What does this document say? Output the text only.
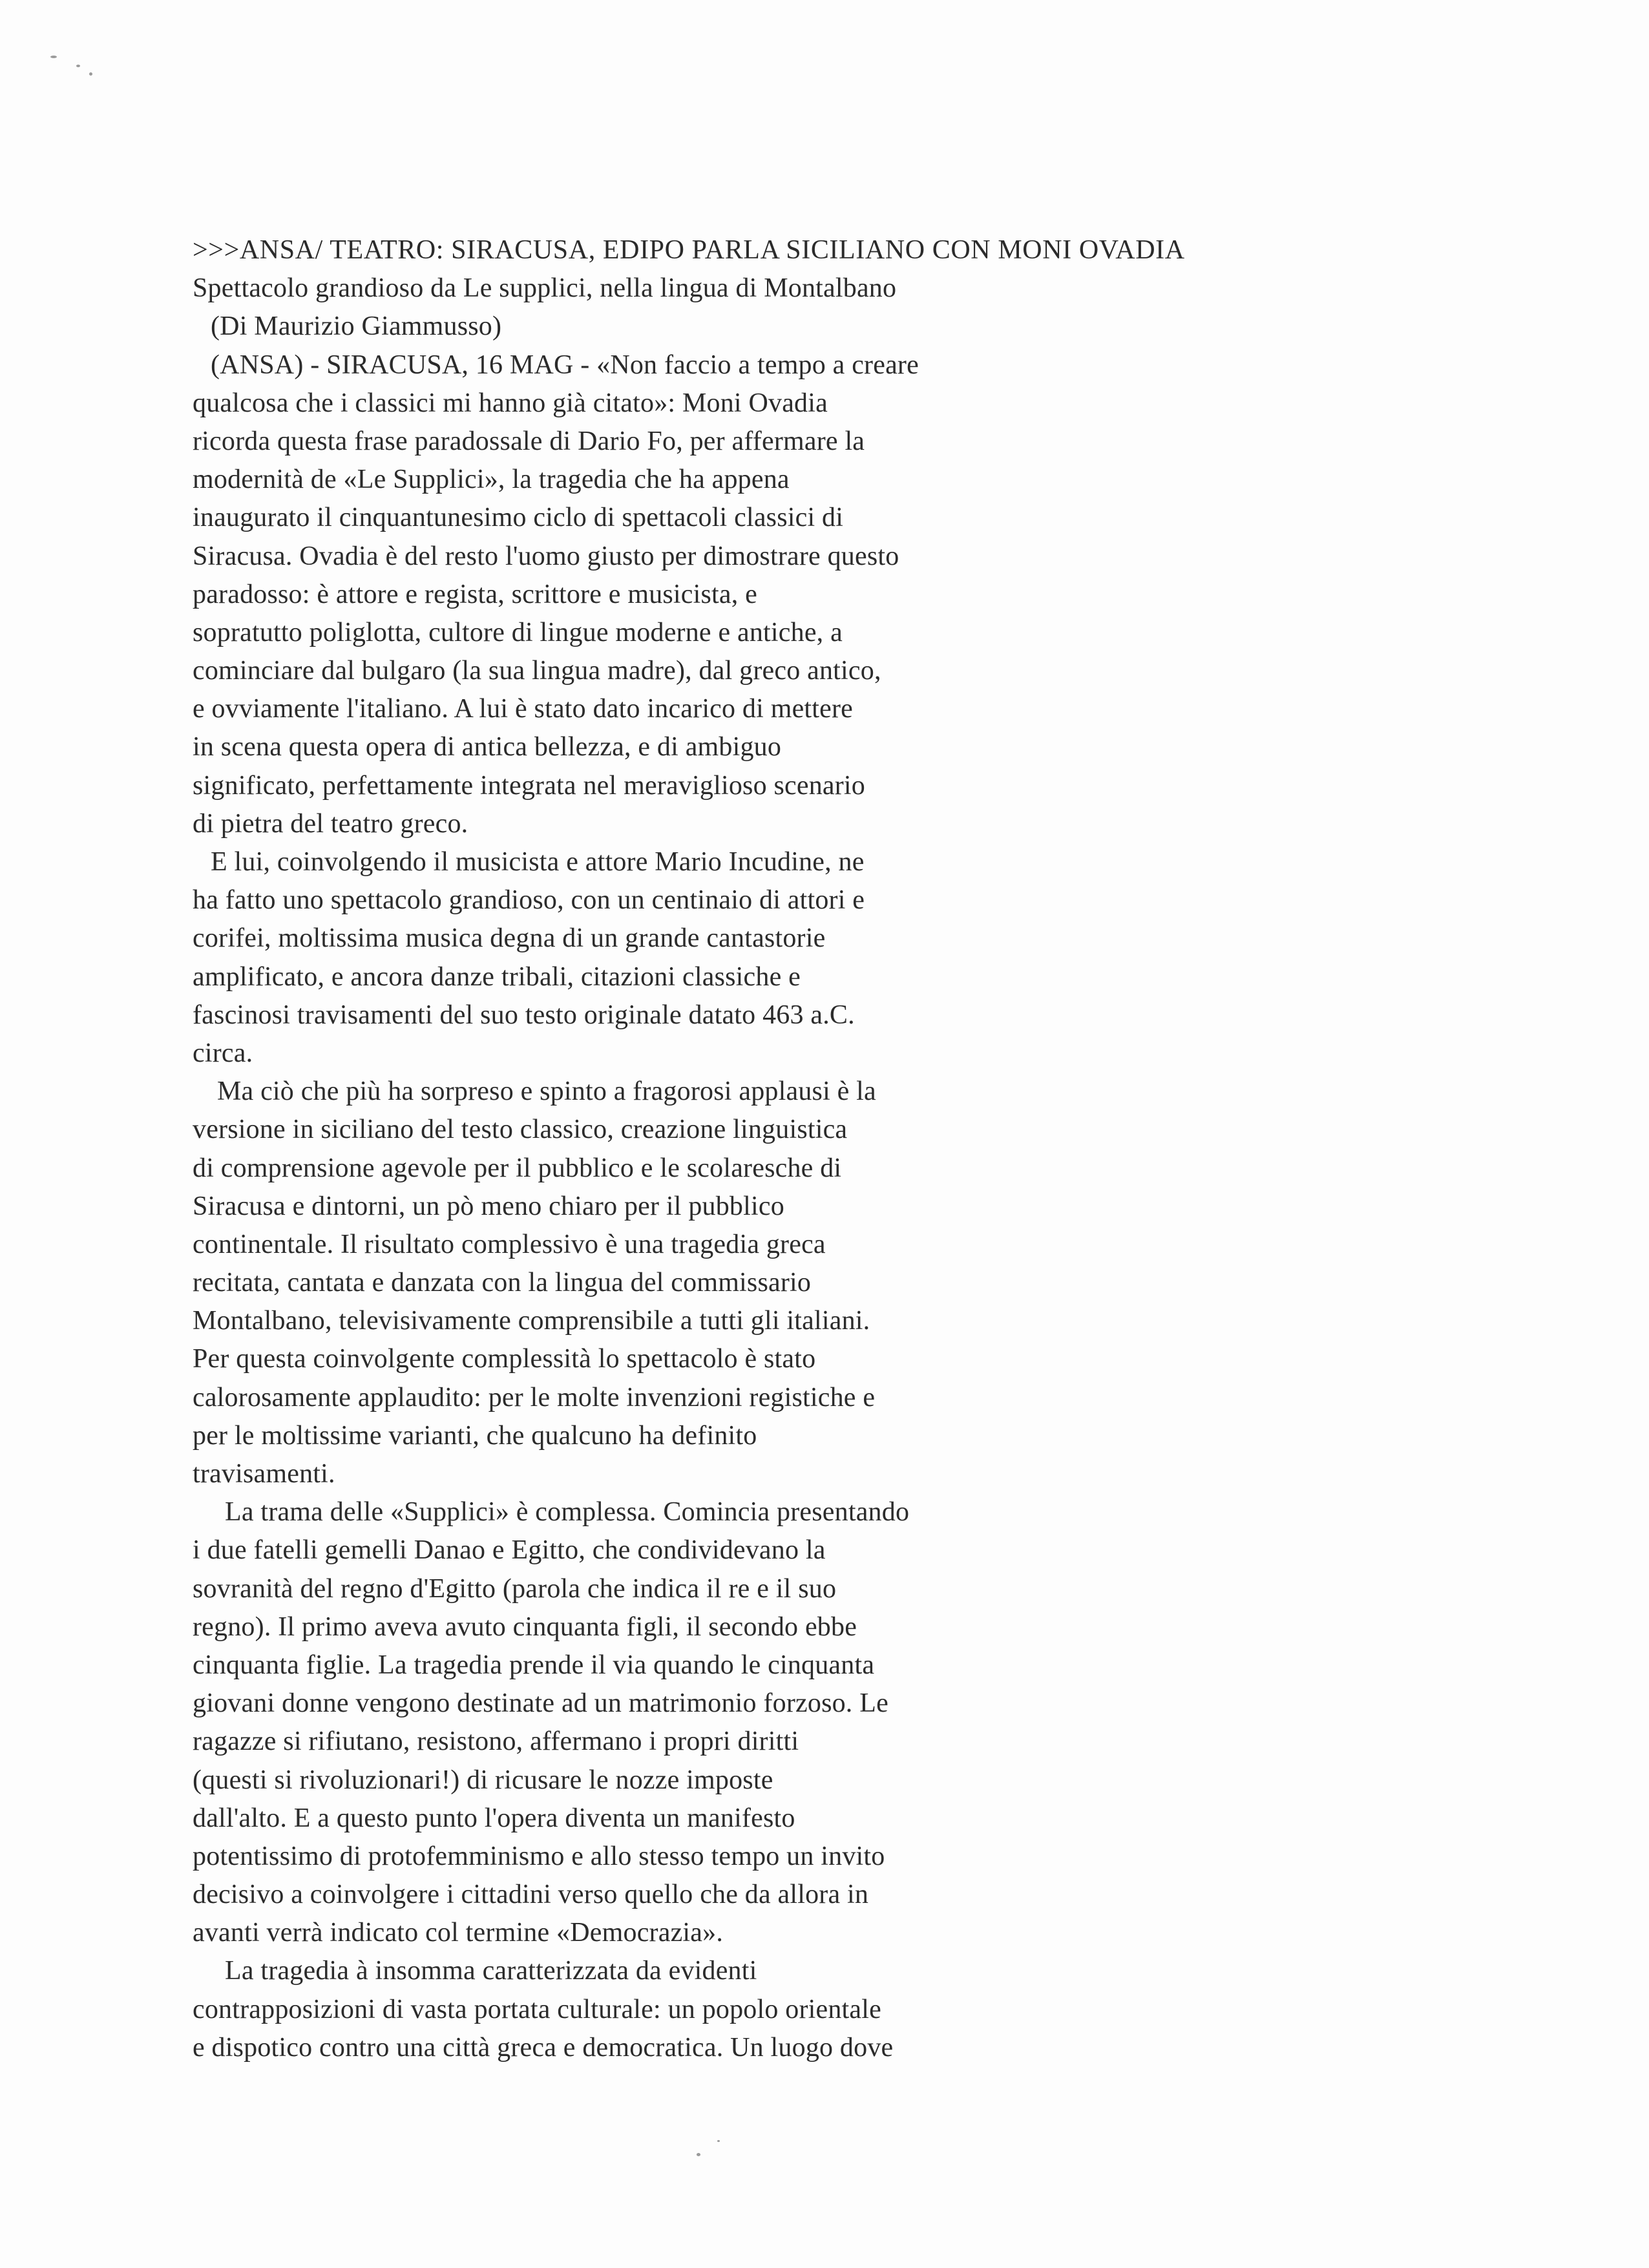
>>>ANSA/ TEATRO: SIRACUSA, EDIPO PARLA SICILIANO CON MONI OVADIA
Spettacolo grandioso da Le supplici, nella lingua di Montalbano
(Di Maurizio Giammusso)
(ANSA) - SIRACUSA, 16 MAG - «Non faccio a tempo a creare
qualcosa che i classici mi hanno già citato»: Moni Ovadia
ricorda questa frase paradossale di Dario Fo, per affermare la
modernità de «Le Supplici», la tragedia che ha appena
inaugurato il cinquantunesimo ciclo di spettacoli classici di
Siracusa. Ovadia è del resto l'uomo giusto per dimostrare questo
paradosso: è attore e regista, scrittore e musicista, e
sopratutto poliglotta, cultore di lingue moderne e antiche, a
cominciare dal bulgaro (la sua lingua madre), dal greco antico,
e ovviamente l'italiano. A lui è stato dato incarico di mettere
in scena questa opera di antica bellezza, e di ambiguo
significato, perfettamente integrata nel meraviglioso scenario
di pietra del teatro greco.
E lui, coinvolgendo il musicista e attore Mario Incudine, ne
ha fatto uno spettacolo grandioso, con un centinaio di attori e
corifei, moltissima musica degna di un grande cantastorie
amplificato, e ancora danze tribali, citazioni classiche e
fascinosi travisamenti del suo testo originale datato 463 a.C.
circa.
Ma ciò che più ha sorpreso e spinto a fragorosi applausi è la
versione in siciliano del testo classico, creazione linguistica
di comprensione agevole per il pubblico e le scolaresche di
Siracusa e dintorni, un pò meno chiaro per il pubblico
continentale. Il risultato complessivo è una tragedia greca
recitata, cantata e danzata con la lingua del commissario
Montalbano, televisivamente comprensibile a tutti gli italiani.
Per questa coinvolgente complessità lo spettacolo è stato
calorosamente applaudito: per le molte invenzioni registiche e
per le moltissime varianti, che qualcuno ha definito
travisamenti.
La trama delle «Supplici» è complessa. Comincia presentando
i due fatelli gemelli Danao e Egitto, che condividevano la
sovranità del regno d'Egitto (parola che indica il re e il suo
regno). Il primo aveva avuto cinquanta figli, il secondo ebbe
cinquanta figlie. La tragedia prende il via quando le cinquanta
giovani donne vengono destinate ad un matrimonio forzoso. Le
ragazze si rifiutano, resistono, affermano i propri diritti
(questi si rivoluzionari!) di ricusare le nozze imposte
dall'alto. E a questo punto l'opera diventa un manifesto
potentissimo di protofemminismo e allo stesso tempo un invito
decisivo a coinvolgere i cittadini verso quello che da allora in
avanti verrà indicato col termine «Democrazia».
La tragedia à insomma caratterizzata da evidenti
contrapposizioni di vasta portata culturale: un popolo orientale
e dispotico contro una città greca e democratica. Un luogo dove
